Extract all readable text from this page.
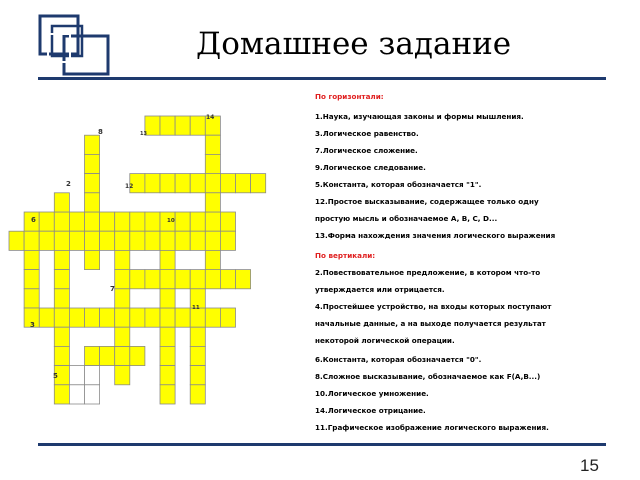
Домашнее задание
14
8	13
2	12
6	10
7
11
3
5
По горизонтали:
1.Наука, изучающая законы и формы мышления.
3.Логическое равенство.
7.Логическое сложение.
9.Логическое следование.
5.Константа, которая обозначается "1".
12.Простое высказывание, содержащее только одну
простую мысль и обозначаемое A, B, C, D...
13.Форма нахождения значения логического выражения
По вертикали:
2.Повествовательное предложение, в котором что-то
утверждается или отрицается.
4.Простейшее устройство, на входы которых поступают
начальные данные, а на выходе получается результат
некоторой логической операции.
6.Константа, которая обозначается "0".
8.Сложное высказывание, обозначаемое как F(A,B...)
10.Логическое умножение.
14.Логическое отрицание.
11.Графическое изображение логического выражения.
15
